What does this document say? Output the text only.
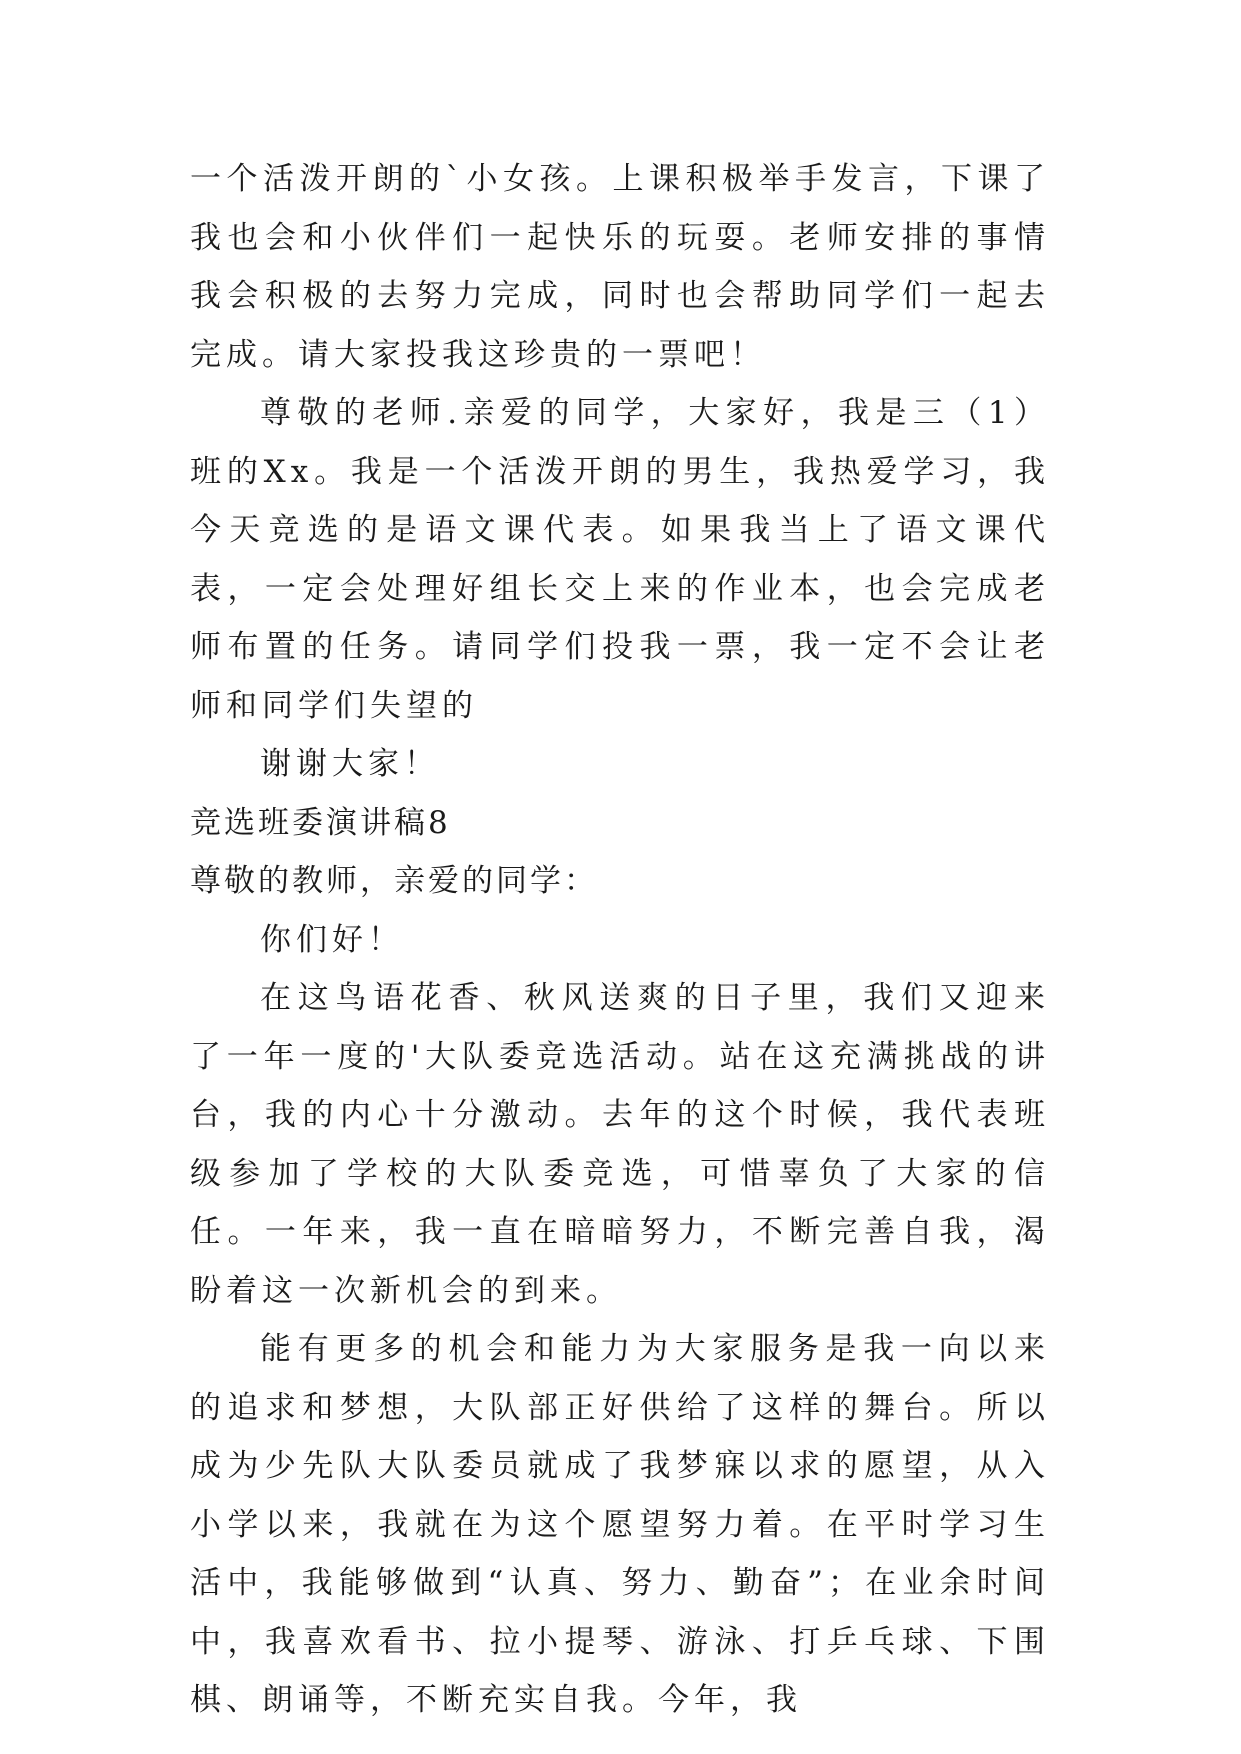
一个活泼开朗的`小女孩。上课积极举手发言，下课了我也会和小伙伴们一起快乐的玩耍。老师安排的事情我会积极的去努力完成，同时也会帮助同学们一起去完成。请大家投我这珍贵的一票吧！

尊敬的老师.亲爱的同学，大家好，我是三（1）班的Xx。我是一个活泼开朗的男生，我热爱学习，我今天竞选的是语文课代表。如果我当上了语文课代表，一定会处理好组长交上来的作业本，也会完成老师布置的任务。请同学们投我一票，我一定不会让老师和同学们失望的

谢谢大家！

竞选班委演讲稿8

尊敬的教师，亲爱的同学：

你们好！

在这鸟语花香、秋风送爽的日子里，我们又迎来了一年一度的'大队委竞选活动。站在这充满挑战的讲台，我的内心十分激动。去年的这个时候，我代表班级参加了学校的大队委竞选，可惜辜负了大家的信任。一年来，我一直在暗暗努力，不断完善自我，渴盼着这一次新机会的到来。

能有更多的机会和能力为大家服务是我一向以来的追求和梦想，大队部正好供给了这样的舞台。所以成为少先队大队委员就成了我梦寐以求的愿望，从入小学以来，我就在为这个愿望努力着。在平时学习生活中，我能够做到“认真、努力、勤奋”；在业余时间中，我喜欢看书、拉小提琴、游泳、打乒乓球、下围棋、朗诵等，不断充实自我。今年，我
